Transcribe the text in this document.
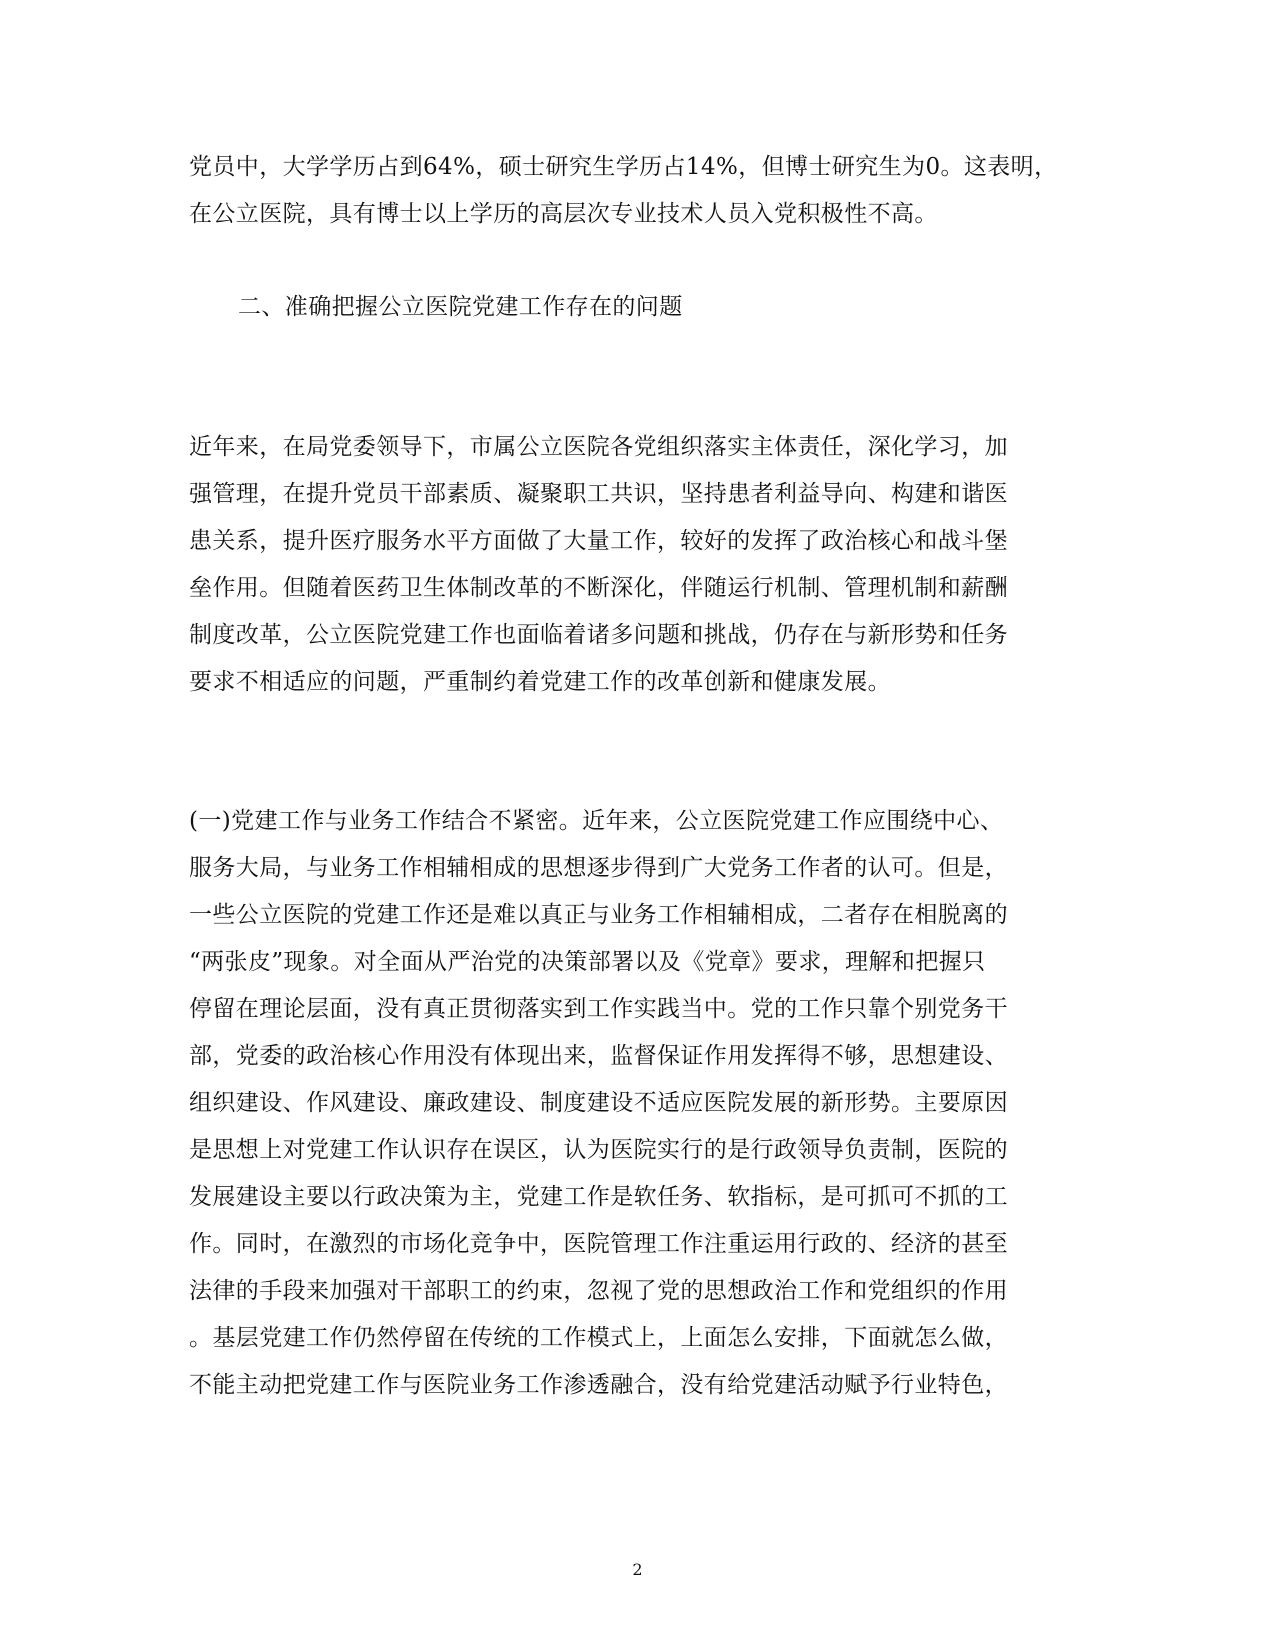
党员中，大学学历占到64%，硕士研究生学历占14%，但博士研究生为0。这表明，
在公立医院，具有博士以上学历的高层次专业技术人员入党积极性不高。
二、准确把握公立医院党建工作存在的问题
近年来，在局党委领导下，市属公立医院各党组织落实主体责任，深化学习，加
强管理，在提升党员干部素质、凝聚职工共识，坚持患者利益导向、构建和谐医
患关系，提升医疗服务水平方面做了大量工作，较好的发挥了政治核心和战斗堡
垒作用。但随着医药卫生体制改革的不断深化，伴随运行机制、管理机制和薪酬
制度改革，公立医院党建工作也面临着诸多问题和挑战，仍存在与新形势和任务
要求不相适应的问题，严重制约着党建工作的改革创新和健康发展。
(一)党建工作与业务工作结合不紧密。近年来，公立医院党建工作应围绕中心、
服务大局，与业务工作相辅相成的思想逐步得到广大党务工作者的认可。但是，
一些公立医院的党建工作还是难以真正与业务工作相辅相成，二者存在相脱离的
“两张皮”现象。对全面从严治党的决策部署以及《党章》要求，理解和把握只
停留在理论层面，没有真正贯彻落实到工作实践当中。党的工作只靠个别党务干
部，党委的政治核心作用没有体现出来，监督保证作用发挥得不够，思想建设、
组织建设、作风建设、廉政建设、制度建设不适应医院发展的新形势。主要原因
是思想上对党建工作认识存在误区，认为医院实行的是行政领导负责制，医院的
发展建设主要以行政决策为主，党建工作是软任务、软指标，是可抓可不抓的工
作。同时，在激烈的市场化竞争中，医院管理工作注重运用行政的、经济的甚至
法律的手段来加强对干部职工的约束，忽视了党的思想政治工作和党组织的作用
。基层党建工作仍然停留在传统的工作模式上，上面怎么安排，下面就怎么做，
不能主动把党建工作与医院业务工作渗透融合，没有给党建活动赋予行业特色，
2
